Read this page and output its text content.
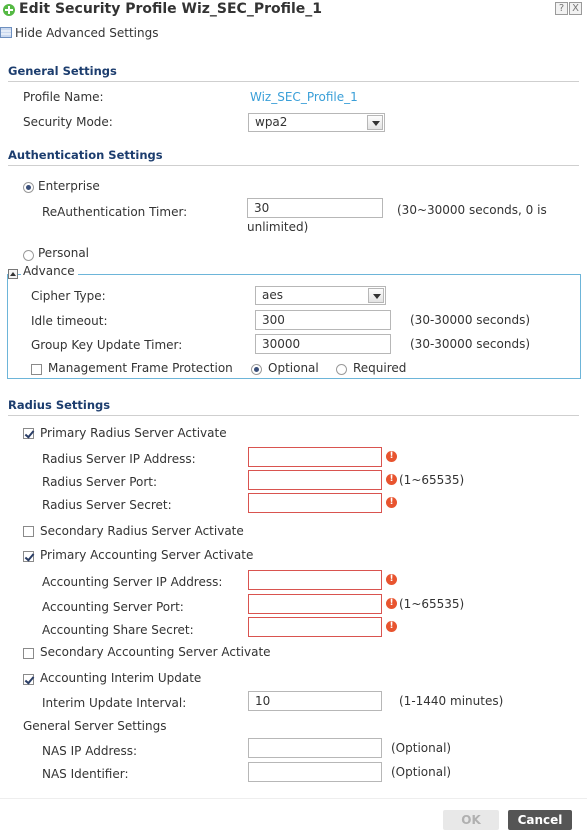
Edit Security Profile Wiz_SEC_Profile_1	? X
Hide Advanced Settings
General Settings
Profile Name:	Wiz_SEC_Profile_1
Security Mode:	wpa2
Authentication Settings
Enterprise
ReAuthentication Timer:	30	(30~30000 seconds, 0 is
unlimited)
Personal
Advance
Cipher Type:	aes
Idle timeout:	300	(30-30000 seconds)
Group Key Update Timer:	30000	(30-30000 seconds)
Management Frame Protection	Optional	Required
Radius Settings
Primary Radius Server Activate
Radius Server IP Address:	!
Radius Server Port:	! (1~65535)
Radius Server Secret:	!
Secondary Radius Server Activate
Primary Accounting Server Activate
Accounting Server IP Address:	!
Accounting Server Port:	! (1~65535)
Accounting Share Secret:	!
Secondary Accounting Server Activate
Accounting Interim Update
Interim Update Interval:	10	(1-1440 minutes)
General Server Settings
NAS IP Address:	(Optional)
NAS Identifier:	(Optional)
OK	Cancel
